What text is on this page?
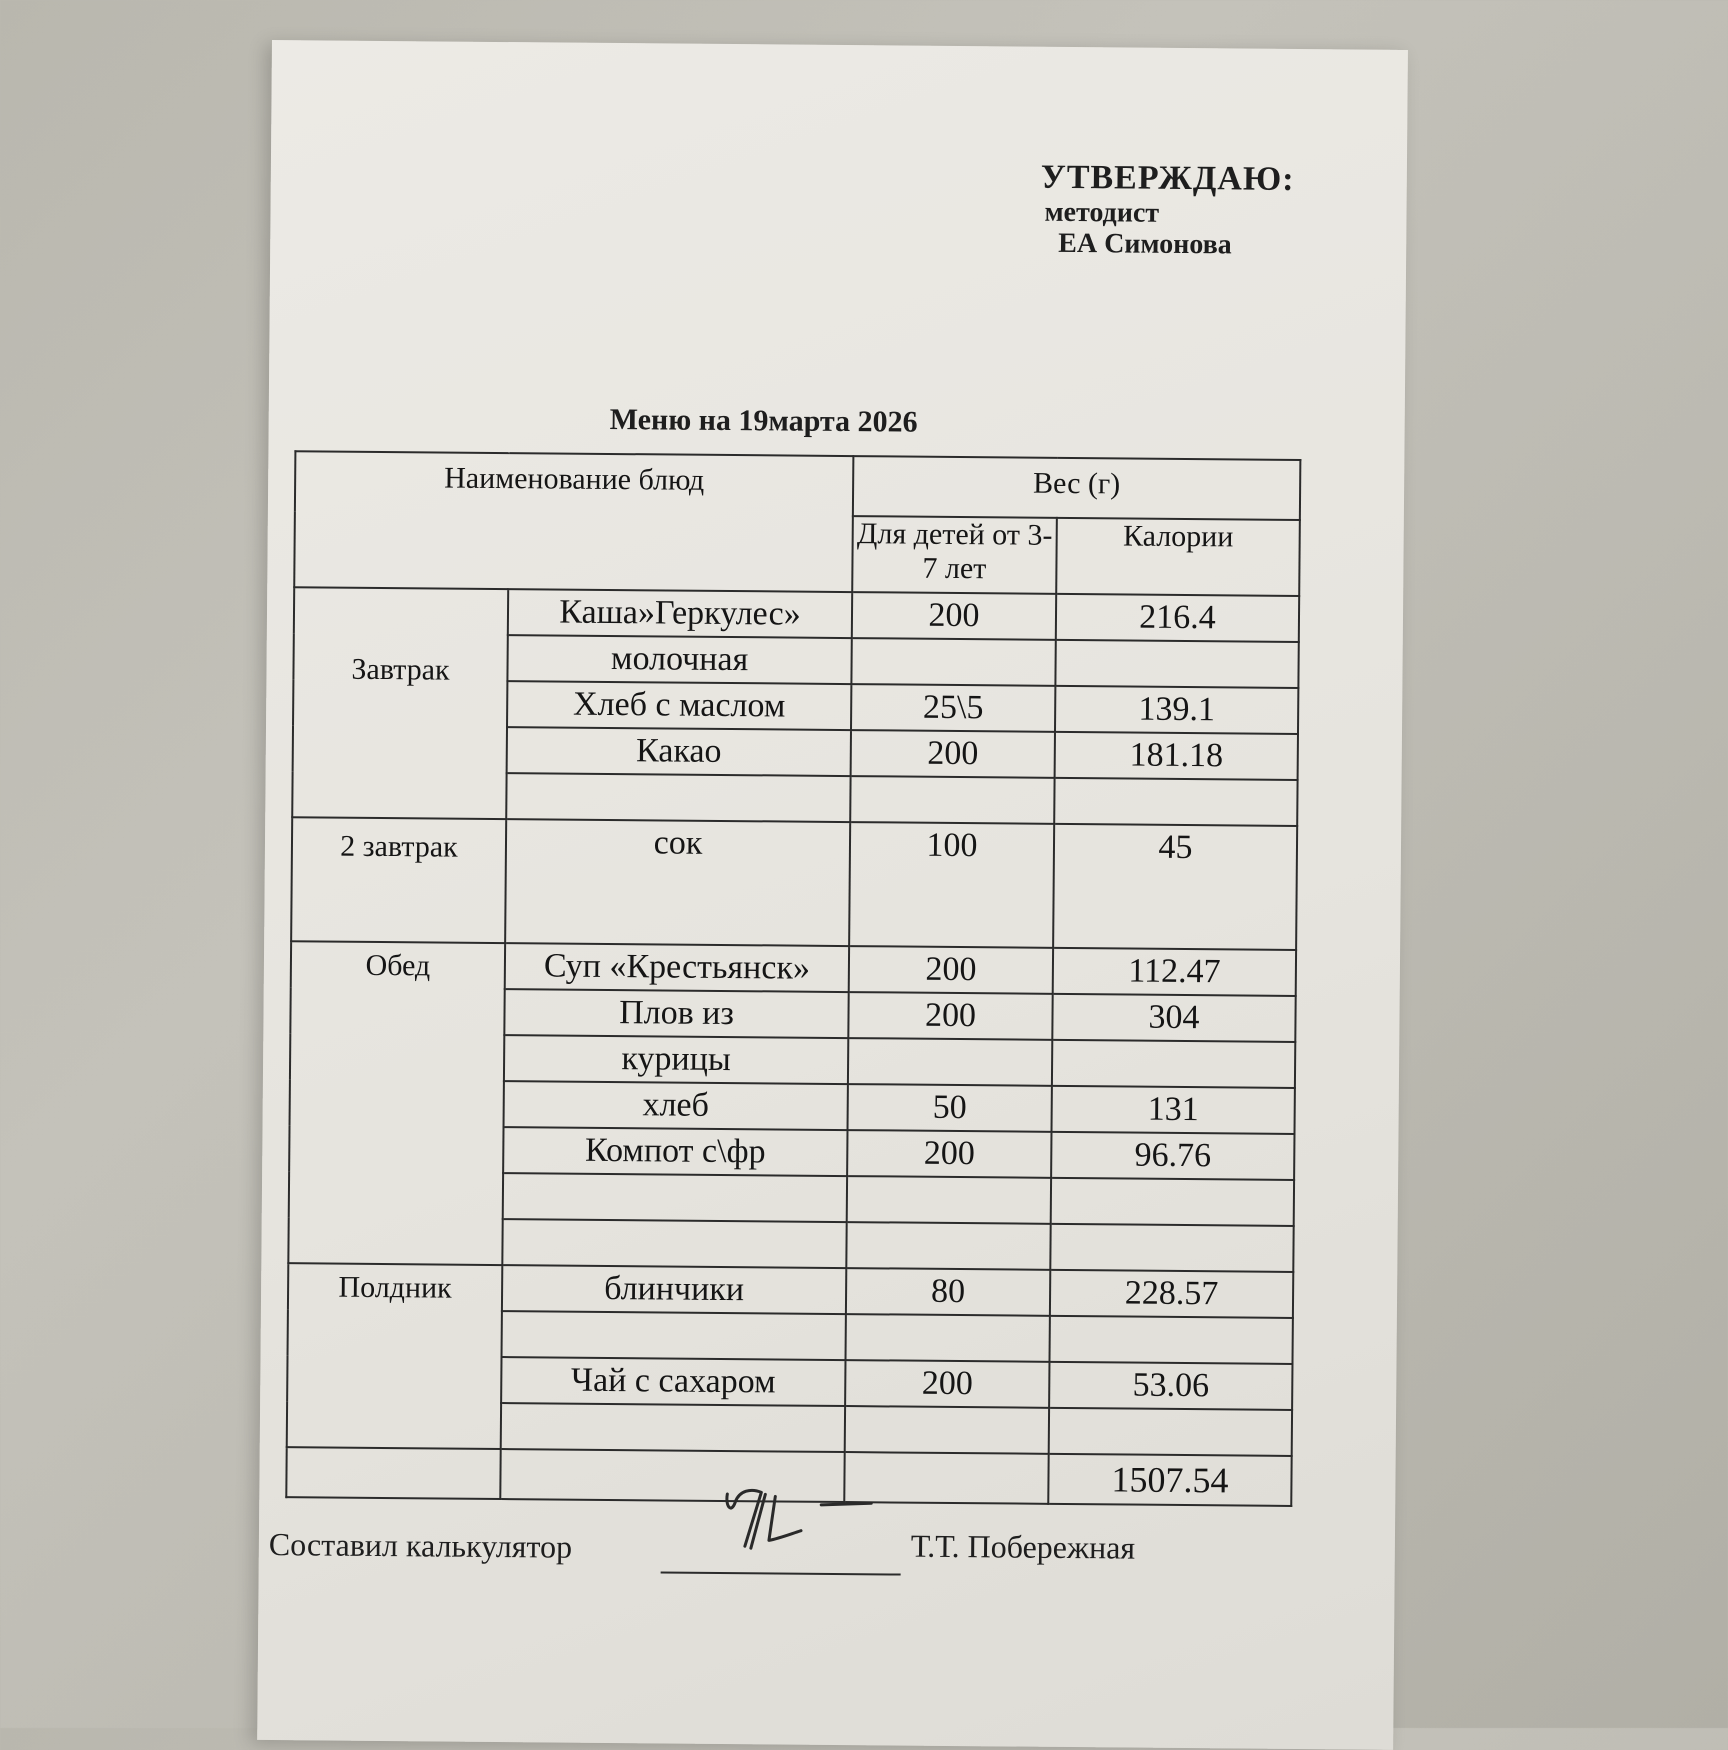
УТВЕРЖДАЮ:
методист
ЕА Симонова
Меню на 19марта 2026
Наименование блюд		Вес (г)	
		Для детей от 3-7 лет	Калории
Завтрак	Каша»Геркулес»	200	216.4
	молочная		
	Хлеб с маслом	25\5	139.1
	Какао	200	181.18

2 завтрак	сок	100	45
Обед	Суп «Крестьянск»	200	112.47
	Плов из	200	304
	курицы		
	хлеб	50	131
	Компот с\фр	200	96.76

Полдник	блинчики	80	228.57

	Чай с сахаром	200	53.06

			1507.54
Составил калькулятор	Т.Т. Побережная
